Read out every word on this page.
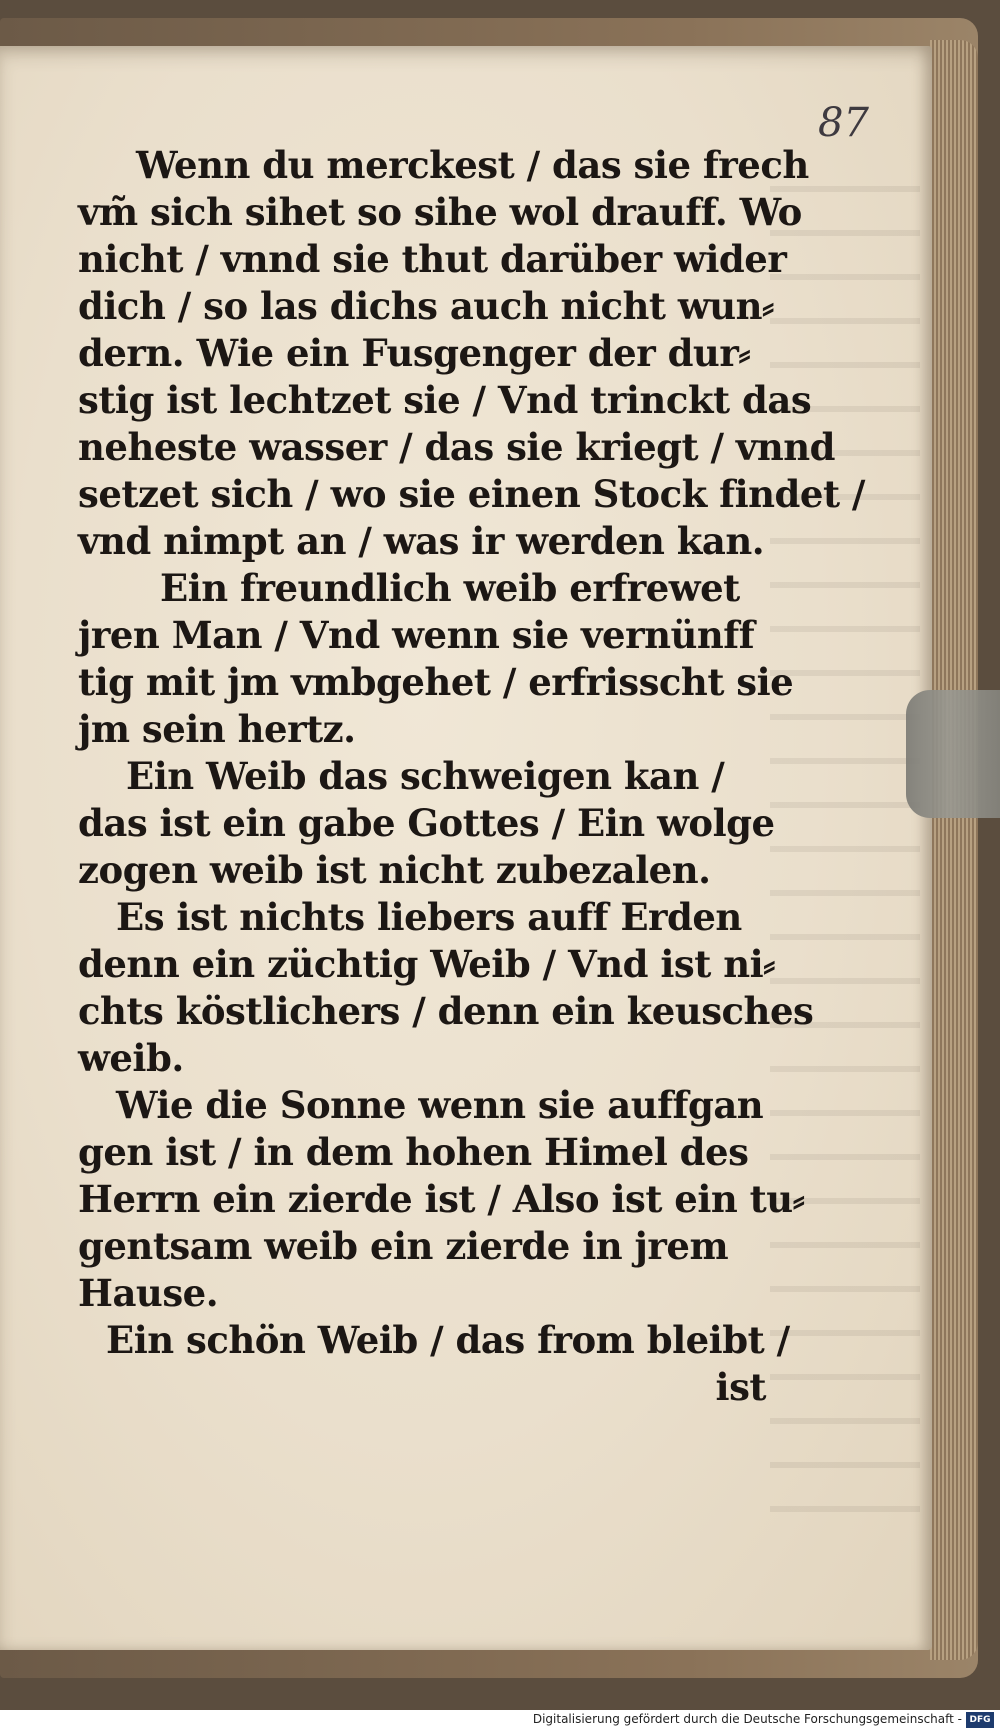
87
Wenn du merckest / das sie frech
vm̃ sich sihet so sihe wol drauff. Wo
nicht / vnnd sie thut darüber wider
dich / so las dichs auch nicht wun⸗
dern. Wie ein Fusgenger der dur⸗
stig ist lechtzet sie / Vnd trinckt das
neheste wasser / das sie kriegt / vnnd
setzet sich / wo sie einen Stock findet /
vnd nimpt an / was ir werden kan.
Ein freundlich weib erfrewet
jren Man / Vnd wenn sie vernünff
tig mit jm vmbgehet / erfrisscht sie
jm sein hertz.
Ein Weib das schweigen kan /
das ist ein gabe Gottes / Ein wolge
zogen weib ist nicht zubezalen.
Es ist nichts liebers auff Erden
denn ein züchtig Weib / Vnd ist ni⸗
chts köstlichers / denn ein keusches
weib.
Wie die Sonne wenn sie auffgan
gen ist / in dem hohen Himel des
Herrn ein zierde ist / Also ist ein tu⸗
gentsam weib ein zierde in jrem
Hause.
Ein schön Weib / das from bleibt /
ist
Digitalisierung gefördert durch die Deutsche Forschungsgemeinschaft - DFG
